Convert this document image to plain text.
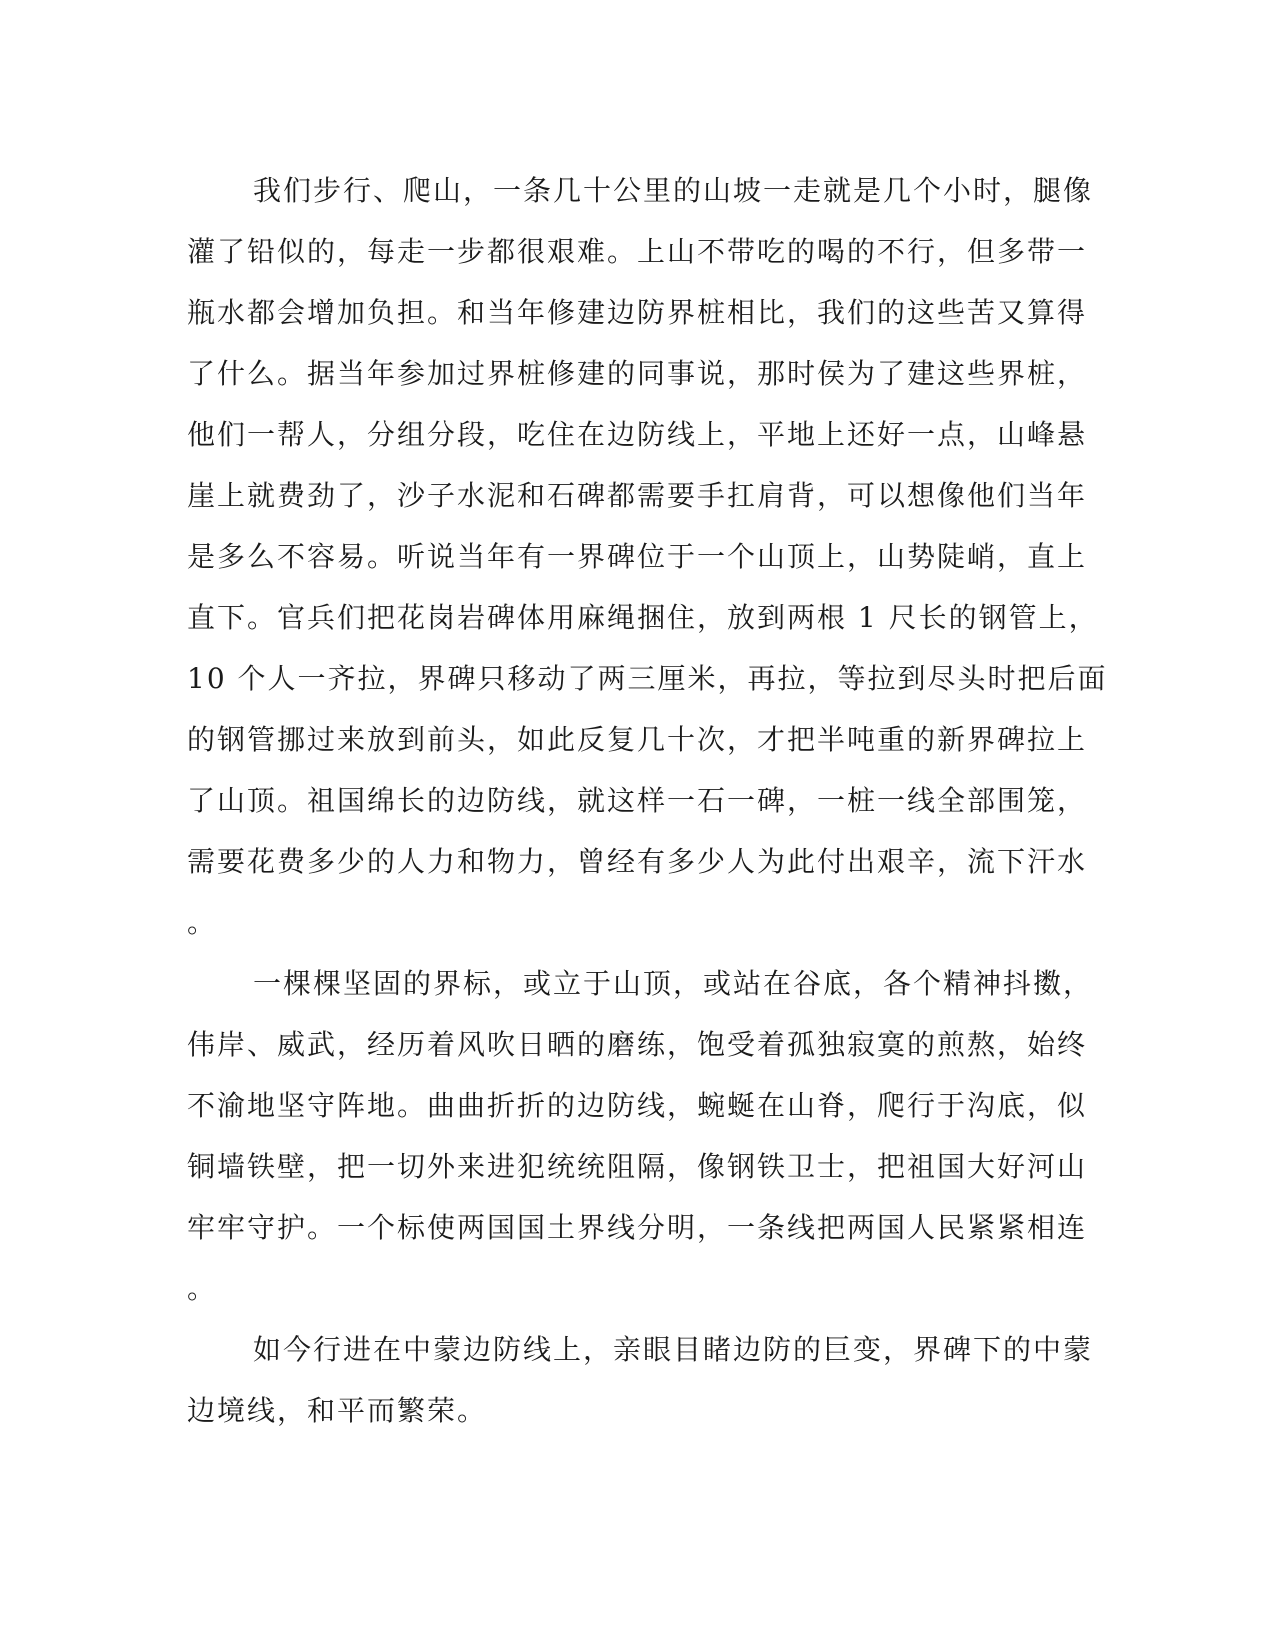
我们步行、爬山，一条几十公里的山坡一走就是几个小时，腿像
灌了铅似的，每走一步都很艰难。上山不带吃的喝的不行，但多带一
瓶水都会增加负担。和当年修建边防界桩相比，我们的这些苦又算得
了什么。据当年参加过界桩修建的同事说，那时侯为了建这些界桩，
他们一帮人，分组分段，吃住在边防线上，平地上还好一点，山峰悬
崖上就费劲了，沙子水泥和石碑都需要手扛肩背，可以想像他们当年
是多么不容易。听说当年有一界碑位于一个山顶上，山势陡峭，直上
直下。官兵们把花岗岩碑体用麻绳捆住，放到两根 1 尺长的钢管上，
10 个人一齐拉，界碑只移动了两三厘米，再拉，等拉到尽头时把后面
的钢管挪过来放到前头，如此反复几十次，才把半吨重的新界碑拉上
了山顶。祖国绵长的边防线，就这样一石一碑，一桩一线全部围笼，
需要花费多少的人力和物力，曾经有多少人为此付出艰辛，流下汗水
。
一棵棵坚固的界标，或立于山顶，或站在谷底，各个精神抖擞，
伟岸、威武，经历着风吹日晒的磨练，饱受着孤独寂寞的煎熬，始终
不渝地坚守阵地。曲曲折折的边防线，蜿蜒在山脊，爬行于沟底，似
铜墙铁壁，把一切外来进犯统统阻隔，像钢铁卫士，把祖国大好河山
牢牢守护。一个标使两国国土界线分明，一条线把两国人民紧紧相连
。
如今行进在中蒙边防线上，亲眼目睹边防的巨变，界碑下的中蒙
边境线，和平而繁荣。
